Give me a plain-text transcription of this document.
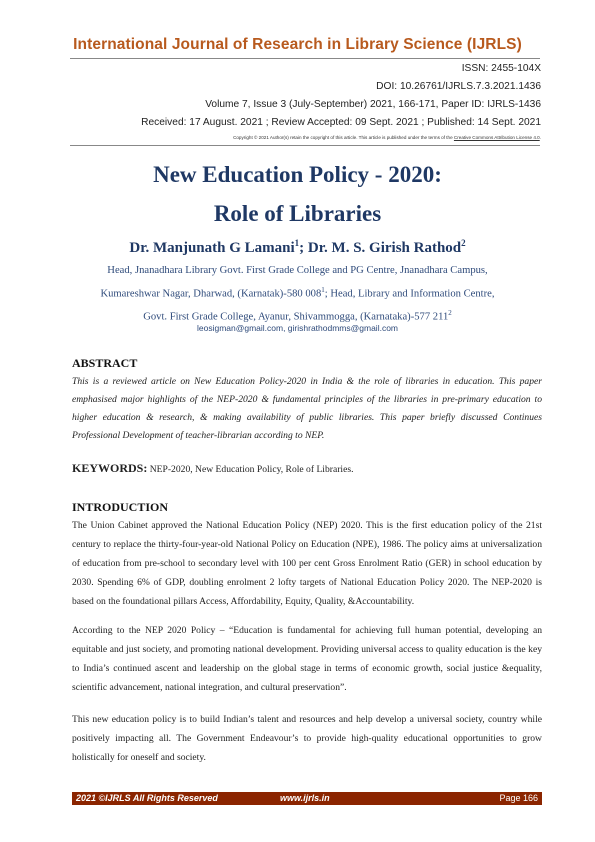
International Journal of Research in Library Science (IJRLS)
ISSN: 2455-104X
DOI: 10.26761/IJRLS.7.3.2021.1436
Volume 7, Issue 3 (July-September) 2021, 166-171, Paper ID: IJRLS-1436
Received: 17 August. 2021 ; Review Accepted: 09 Sept. 2021 ; Published: 14 Sept. 2021
Copyright © 2021 Author(s) retain the copyright of this article. This article is published under the terms of the Creative Commons Attribution License 4.0.
New Education Policy - 2020:
Role of Libraries
Dr. Manjunath G Lamani$^1$; Dr. M. S. Girish Rathod$^2$
Head, Jnanadhara Library Govt. First Grade College and PG Centre, Jnanadhara Campus,
Kumareshwar Nagar, Dharwad, (Karnatak)-580 $008^1$; Head, Library and Information Centre,
Govt. First Grade College, Ayanur, Shivammogga, (Karnataka)-577 $211^2$
leosigman@gmail.com, girishrathodmms@gmail.com
ABSTRACT
This is a reviewed article on New Education Policy-2020 in India & the role of libraries in education. This paper emphasised major highlights of the NEP-2020 & fundamental principles of the libraries in pre-primary education to higher education & research, & making availability of public libraries. This paper briefly discussed Continues Professional Development of teacher-librarian according to NEP.
KEYWORDS: NEP-2020, New Education Policy, Role of Libraries.
INTRODUCTION
The Union Cabinet approved the National Education Policy (NEP) 2020. This is the first education policy of the 21st century to replace the thirty-four-year-old National Policy on Education (NPE), 1986. The policy aims at universalization of education from pre-school to secondary level with 100 per cent Gross Enrolment Ratio (GER) in school education by 2030. Spending 6% of GDP, doubling enrolment 2 lofty targets of National Education Policy 2020. The NEP-2020 is based on the foundational pillars Access, Affordability, Equity, Quality, &Accountability.
According to the NEP 2020 Policy – “Education is fundamental for achieving full human potential, developing an equitable and just society, and promoting national development. Providing universal access to quality education is the key to India’s continued ascent and leadership on the global stage in terms of economic growth, social justice &equality, scientific advancement, national integration, and cultural preservation”.
This new education policy is to build Indian’s talent and resources and help develop a universal society, country while positively impacting all. The Government Endeavour’s to provide high-quality educational opportunities to grow holistically for oneself and society.
2021 ©IJRLS All Rights Reserved	www.ijrls.in	Page 166
